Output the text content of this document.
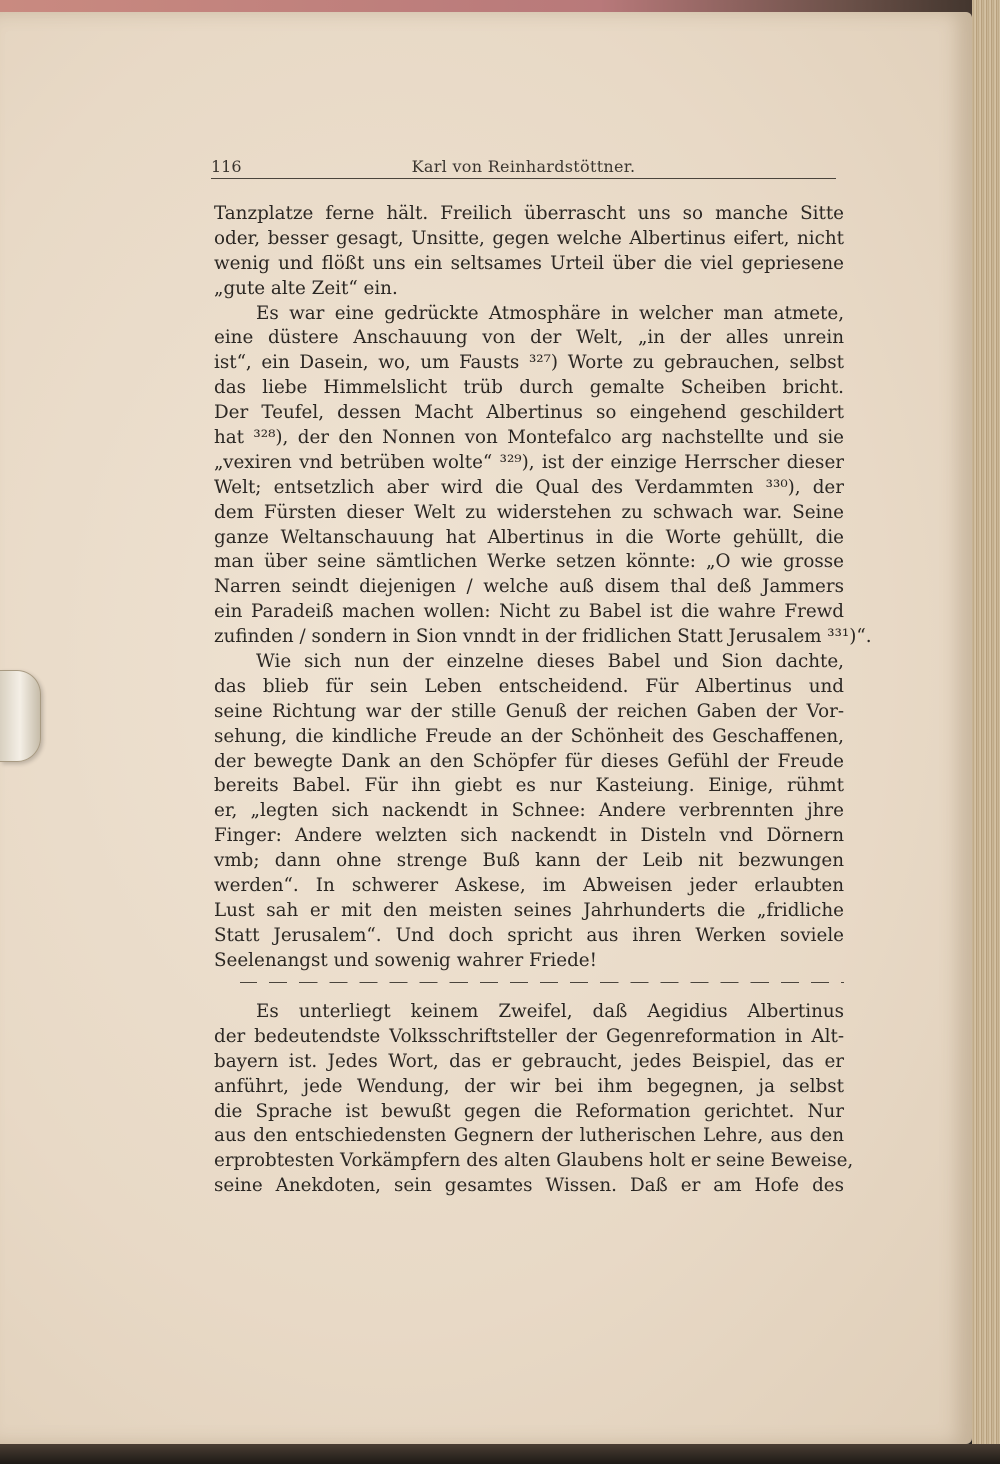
116	Karl von Reinhardstöttner.
Tanzplatze ferne hält. Freilich überrascht uns so manche Sitte
oder, besser gesagt, Unsitte, gegen welche Albertinus eifert, nicht
wenig und flößt uns ein seltsames Urteil über die viel gepriesene
„gute alte Zeit“ ein.
Es war eine gedrückte Atmosphäre in welcher man atmete,
eine düstere Anschauung von der Welt, „in der alles unrein
ist“, ein Dasein, wo, um Fausts ³²⁷) Worte zu gebrauchen, selbst
das liebe Himmelslicht trüb durch gemalte Scheiben bricht.
Der Teufel, dessen Macht Albertinus so eingehend geschildert
hat ³²⁸), der den Nonnen von Montefalco arg nachstellte und sie
„vexiren vnd betrüben wolte“ ³²⁹), ist der einzige Herrscher dieser
Welt; entsetzlich aber wird die Qual des Verdammten ³³⁰), der
dem Fürsten dieser Welt zu widerstehen zu schwach war. Seine
ganze Weltanschauung hat Albertinus in die Worte gehüllt, die
man über seine sämtlichen Werke setzen könnte: „O wie grosse
Narren seindt diejenigen / welche auß disem thal deß Jammers
ein Paradeiß machen wollen: Nicht zu Babel ist die wahre Frewd
zufinden / sondern in Sion vnndt in der fridlichen Statt Jerusalem ³³¹)“.
Wie sich nun der einzelne dieses Babel und Sion dachte,
das blieb für sein Leben entscheidend. Für Albertinus und
seine Richtung war der stille Genuß der reichen Gaben der Vor-
sehung, die kindliche Freude an der Schönheit des Geschaffenen,
der bewegte Dank an den Schöpfer für dieses Gefühl der Freude
bereits Babel. Für ihn giebt es nur Kasteiung. Einige, rühmt
er, „legten sich nackendt in Schnee: Andere verbrennten jhre
Finger: Andere welzten sich nackendt in Disteln vnd Dörnern
vmb; dann ohne strenge Buß kann der Leib nit bezwungen
werden“. In schwerer Askese, im Abweisen jeder erlaubten
Lust sah er mit den meisten seines Jahrhunderts die „fridliche
Statt Jerusalem“. Und doch spricht aus ihren Werken soviele
Seelenangst und sowenig wahrer Friede!
Es unterliegt keinem Zweifel, daß Aegidius Albertinus
der bedeutendste Volksschriftsteller der Gegenreformation in Alt-
bayern ist. Jedes Wort, das er gebraucht, jedes Beispiel, das er
anführt, jede Wendung, der wir bei ihm begegnen, ja selbst
die Sprache ist bewußt gegen die Reformation gerichtet. Nur
aus den entschiedensten Gegnern der lutherischen Lehre, aus den
erprobtesten Vorkämpfern des alten Glaubens holt er seine Beweise,
seine Anekdoten, sein gesamtes Wissen. Daß er am Hofe des
